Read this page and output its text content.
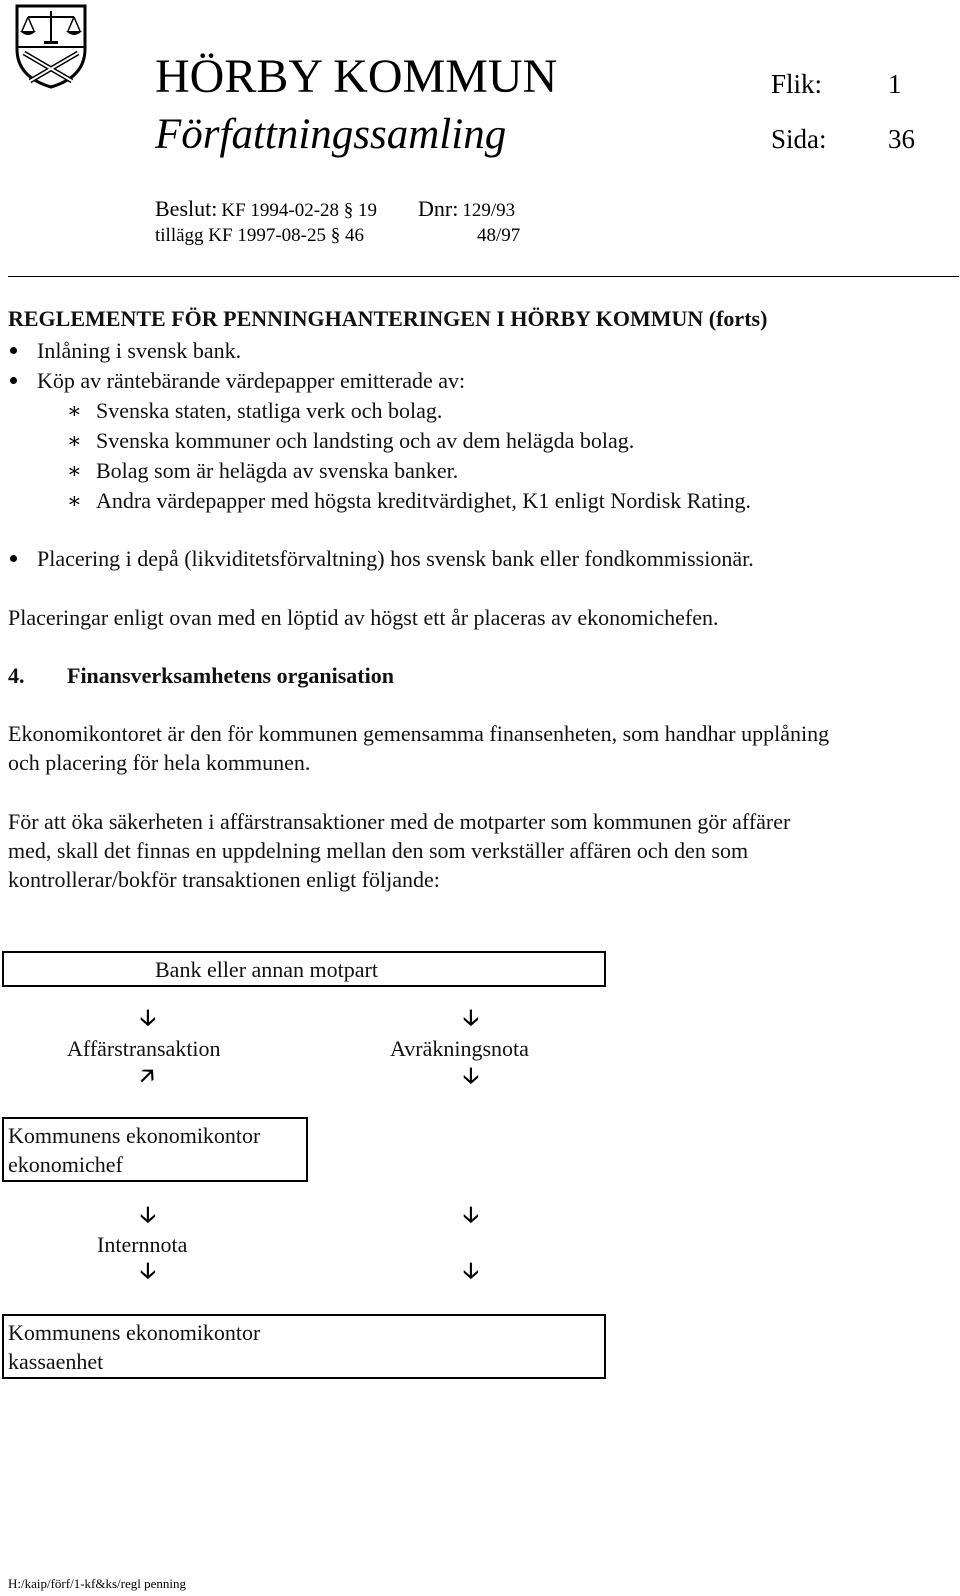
HÖRBY KOMMUN
Författningssamling
Flik: 1
Sida: 36
Beslut: KF 1994-02-28 § 19 Dnr: 129/93
tillägg KF 1997-08-25 § 46	48/97
REGLEMENTE FÖR PENNINGHANTERINGEN I HÖRBY KOMMUN (forts)
Inlåning i svensk bank.
Köp av räntebärande värdepapper emitterade av:
∗ Svenska staten, statliga verk och bolag.
∗ Svenska kommuner och landsting och av dem helägda bolag.
∗ Bolag som är helägda av svenska banker.
∗ Andra värdepapper med högsta kreditvärdighet, K1 enligt Nordisk Rating.
Placering i depå (likviditetsförvaltning) hos svensk bank eller fondkommissionär.
Placeringar enligt ovan med en löptid av högst ett år placeras av ekonomichefen.
4. Finansverksamhetens organisation
Ekonomikontoret är den för kommunen gemensamma finansenheten, som handhar upplåning
och placering för hela kommunen.
För att öka säkerheten i affärstransaktioner med de motparter som kommunen gör affärer
med, skall det finnas en uppdelning mellan den som verkställer affären och den som
kontrollerar/bokför transaktionen enligt följande:
Bank eller annan motpart
🡣	🡣
Affärstransaktion	Avräkningsnota
🡥	🡣
Kommunens ekonomikontor
ekonomichef
🡣	🡣
Internnota
🡣	🡣
Kommunens ekonomikontor
kassaenhet
H:/kaip/förf/1-kf&ks/regl penning
